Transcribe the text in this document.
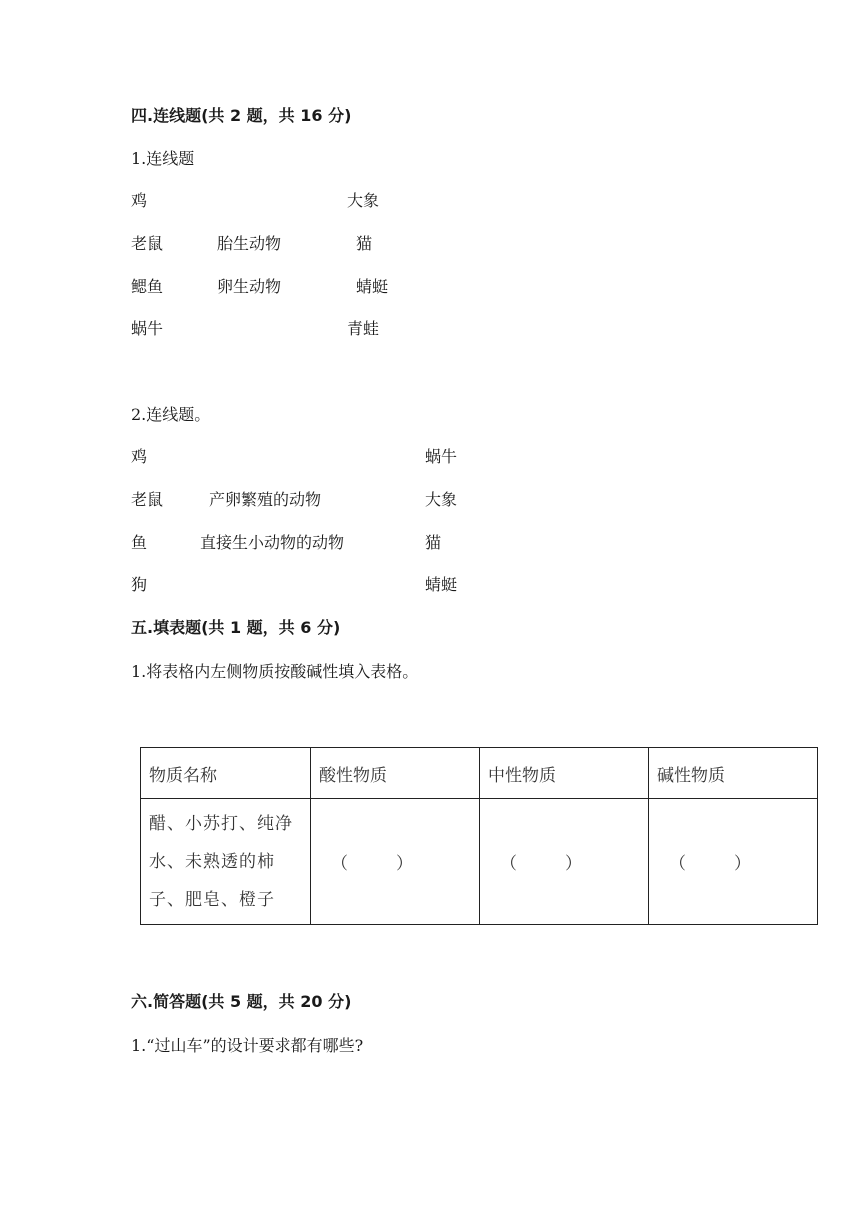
四.连线题(共 2 题，共 16 分)
1.连线题
鸡
老鼠
鳃鱼
蜗牛
胎生动物
卵生动物
大象
猫
蜻蜓
青蛙
2.连线题。
鸡
老鼠
鱼
狗
产卵繁殖的动物
直接生小动物的动物
蜗牛
大象
猫
蜻蜓
五.填表题(共 1 题，共 6 分)
1.将表格内左侧物质按酸碱性填入表格。
物质名称	酸性物质	中性物质	碱性物质
醋、小苏打、纯净水、未熟透的柿子、肥皂、橙子	（ ）	（ ）	（ ）
六.简答题(共 5 题，共 20 分)
1.“过山车”的设计要求都有哪些?
